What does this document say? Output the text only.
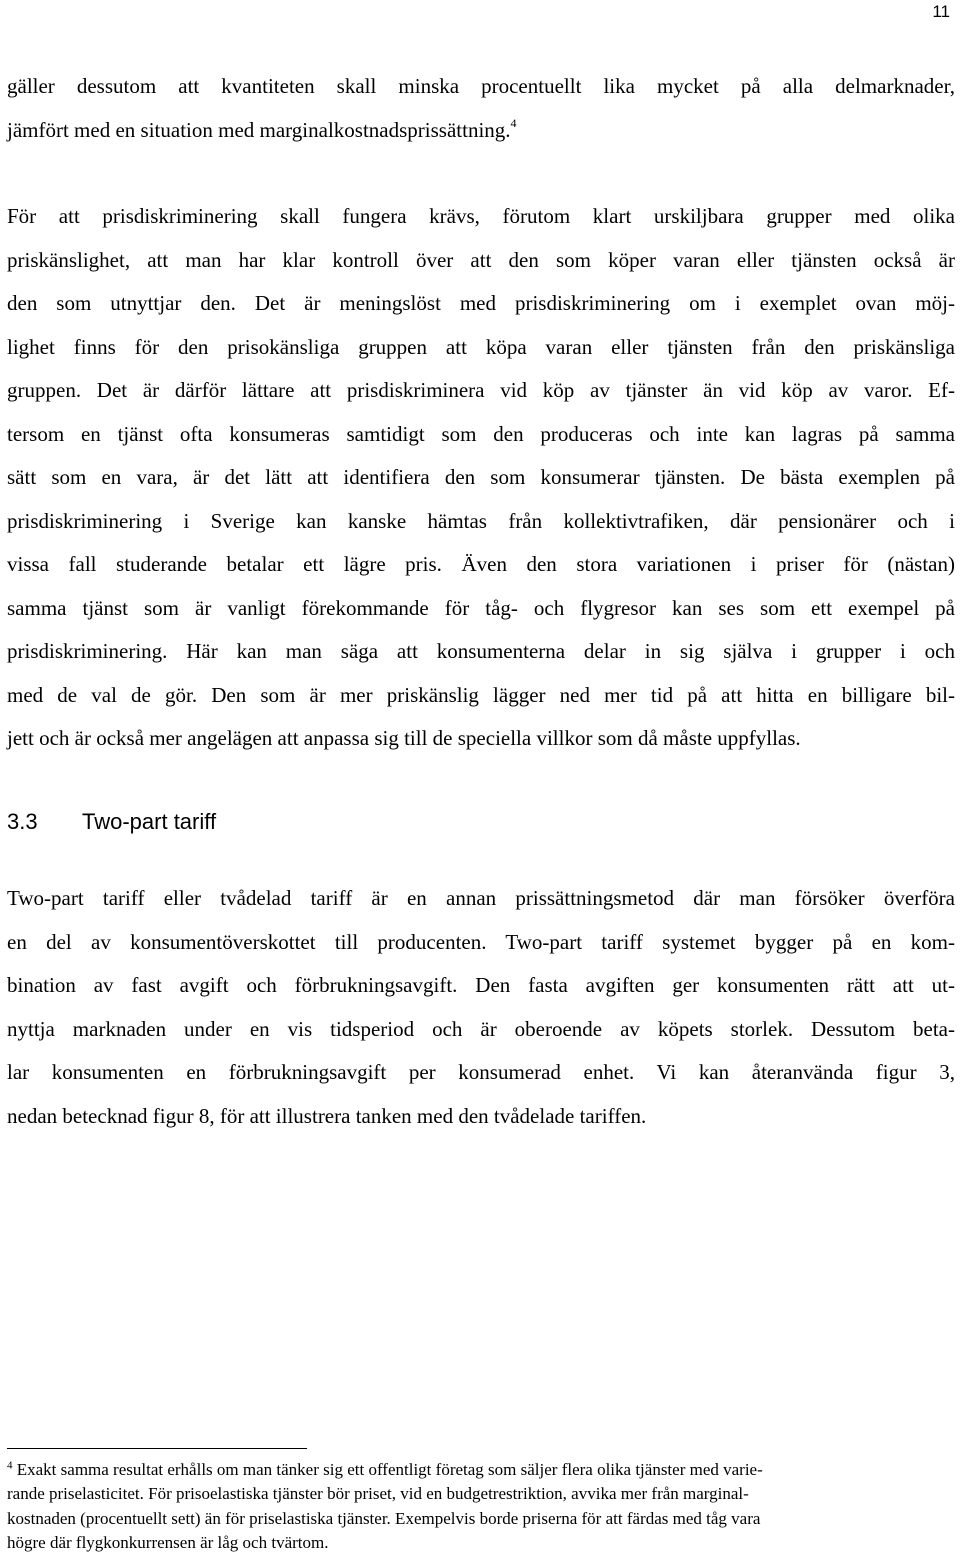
11

gäller dessutom att kvantiteten skall minska procentuellt lika mycket på alla delmarknader,
jämfört med en situation med marginalkostnadsprissättning.$^4$

För att prisdiskriminering skall fungera krävs, förutom klart urskiljbara grupper med olika
priskänslighet, att man har klar kontroll över att den som köper varan eller tjänsten också är
den som utnyttjar den. Det är meningslöst med prisdiskriminering om i exemplet ovan möj-
lighet finns för den prisokänsliga gruppen att köpa varan eller tjänsten från den priskänsliga
gruppen. Det är därför lättare att prisdiskriminera vid köp av tjänster än vid köp av varor. Ef-
tersom en tjänst ofta konsumeras samtidigt som den produceras och inte kan lagras på samma
sätt som en vara, är det lätt att identifiera den som konsumerar tjänsten. De bästa exemplen på
prisdiskriminering i Sverige kan kanske hämtas från kollektivtrafiken, där pensionärer och i
vissa fall studerande betalar ett lägre pris. Även den stora variationen i priser för (nästan)
samma tjänst som är vanligt förekommande för tåg- och flygresor kan ses som ett exempel på
prisdiskriminering. Här kan man säga att konsumenterna delar in sig själva i grupper i och
med de val de gör. Den som är mer priskänslig lägger ned mer tid på att hitta en billigare bil-
jett och är också mer angelägen att anpassa sig till de speciella villkor som då måste uppfyllas.

3.3 Two-part tariff

Two-part tariff eller tvådelad tariff är en annan prissättningsmetod där man försöker överföra
en del av konsumentöverskottet till producenten. Two-part tariff systemet bygger på en kom-
bination av fast avgift och förbrukningsavgift. Den fasta avgiften ger konsumenten rätt att ut-
nyttja marknaden under en vis tidsperiod och är oberoende av köpets storlek. Dessutom beta-
lar konsumenten en förbrukningsavgift per konsumerad enhet. Vi kan återanvända figur 3,
nedan betecknad figur 8, för att illustrera tanken med den tvådelade tariffen.

$^4$ Exakt samma resultat erhålls om man tänker sig ett offentligt företag som säljer flera olika tjänster med varie-
rande priselasticitet. För prisoelastiska tjänster bör priset, vid en budgetrestriktion, avvika mer från marginal-
kostnaden (procentuellt sett) än för priselastiska tjänster. Exempelvis borde priserna för att färdas med tåg vara
högre där flygkonkurrensen är låg och tvärtom.
